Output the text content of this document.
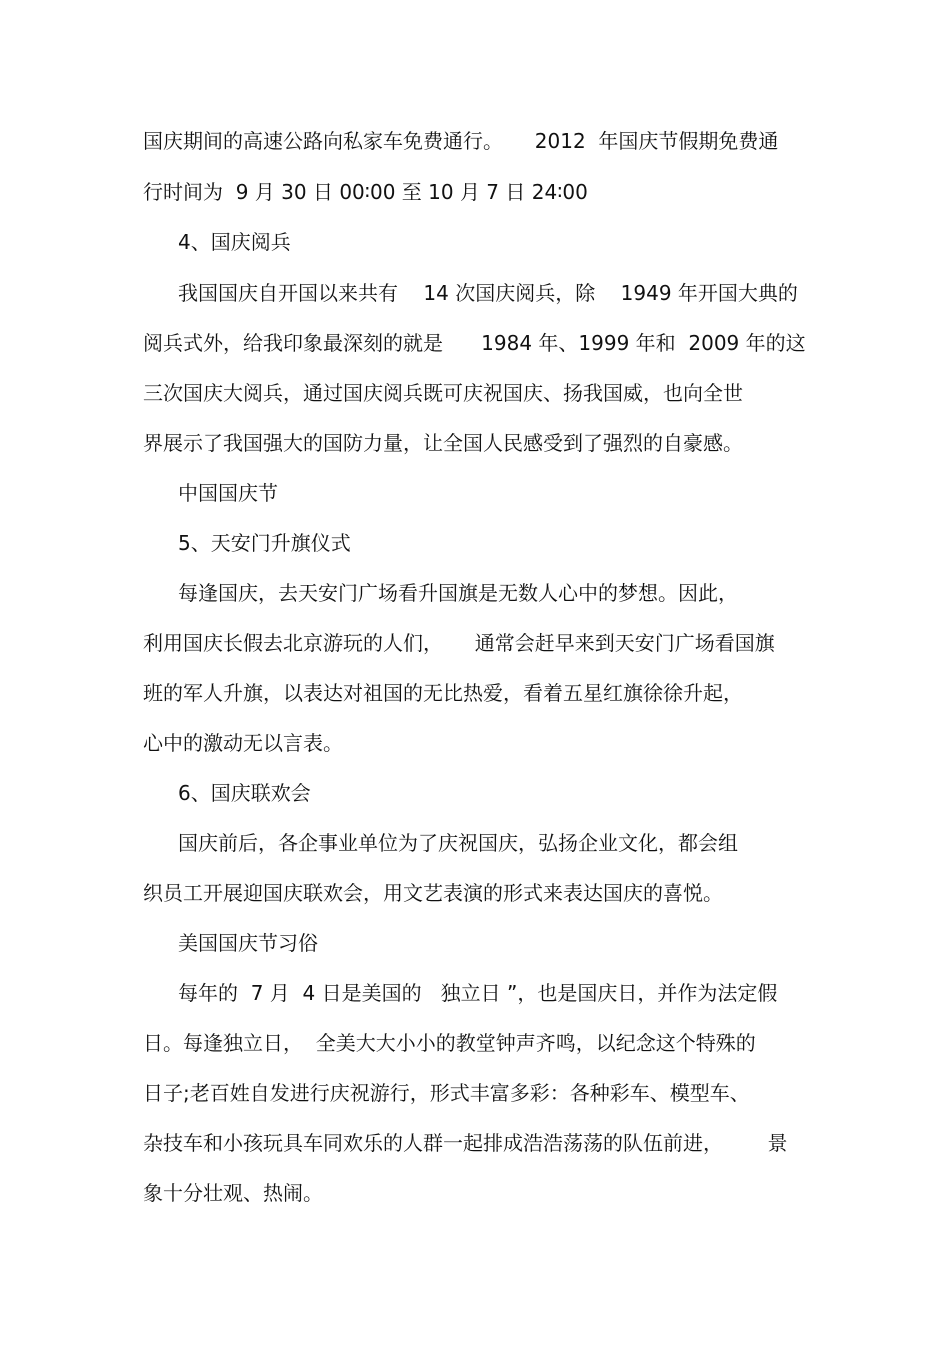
国庆期间的高速公路向私家车免费通行。     2012  年国庆节假期免费通

行时间为  9 月 30 日 00∶00 至 10 月 7 日 24∶00

4、国庆阅兵

我国国庆自开国以来共有    14 次国庆阅兵，除    1949 年开国大典的

阅兵式外，给我印象最深刻的就是      1984 年、1999 年和  2009 年的这

三次国庆大阅兵，通过国庆阅兵既可庆祝国庆、扬我国威，也向全世

界展示了我国强大的国防力量，让全国人民感受到了强烈的自豪感。

中国国庆节

5、天安门升旗仪式

每逢国庆，去天安门广场看升国旗是无数人心中的梦想。因此，

利用国庆长假去北京游玩的人们，     通常会赶早来到天安门广场看国旗

班的军人升旗，以表达对祖国的无比热爱，看着五星红旗徐徐升起，

心中的激动无以言表。

6、国庆联欢会

国庆前后，各企事业单位为了庆祝国庆，弘扬企业文化，都会组

织员工开展迎国庆联欢会，用文艺表演的形式来表达国庆的喜悦。

美国国庆节习俗

每年的  7 月  4 日是美国的   独立日 ”，也是国庆日，并作为法定假

日。每逢独立日，  全美大大小小的教堂钟声齐鸣，以纪念这个特殊的

日子;老百姓自发进行庆祝游行，形式丰富多彩：各种彩车、模型车、

杂技车和小孩玩具车同欢乐的人群一起排成浩浩荡荡的队伍前进，       景

象十分壮观、热闹。
